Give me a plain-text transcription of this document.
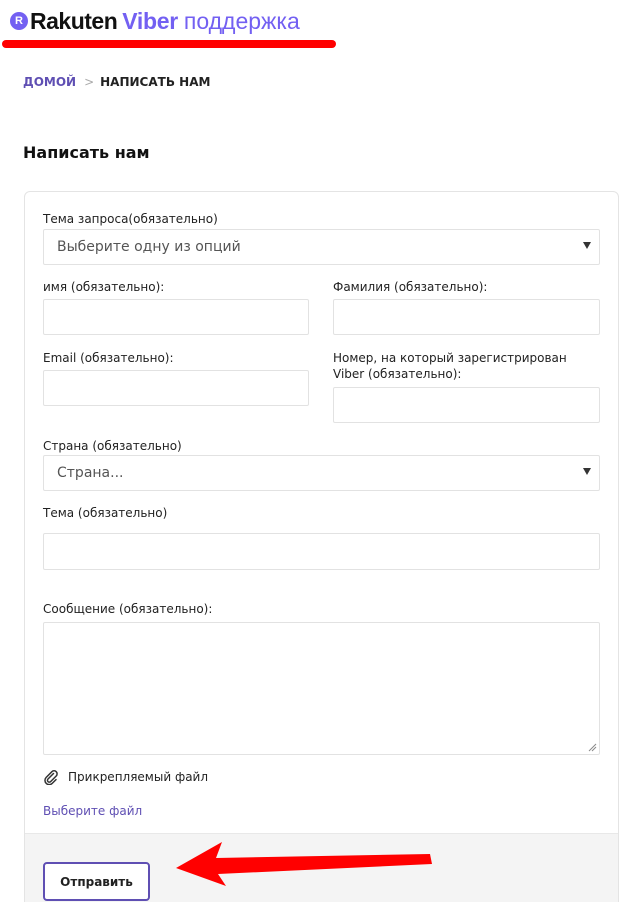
R Rakuten Viber поддержка
ДОМОЙ > НАПИСАТЬ НАМ
Написать нам
Тема запроса(обязательно)
Выберите одну из опций
имя (обязательно):	Фамилия (обязательно):
Email (обязательно):	Номер, на который зарегистрирован Viber (обязательно):
Страна (обязательно)
Страна...
Тема (обязательно)
Сообщение (обязательно):
Прикрепляемый файл
Выберите файл
Отправить
